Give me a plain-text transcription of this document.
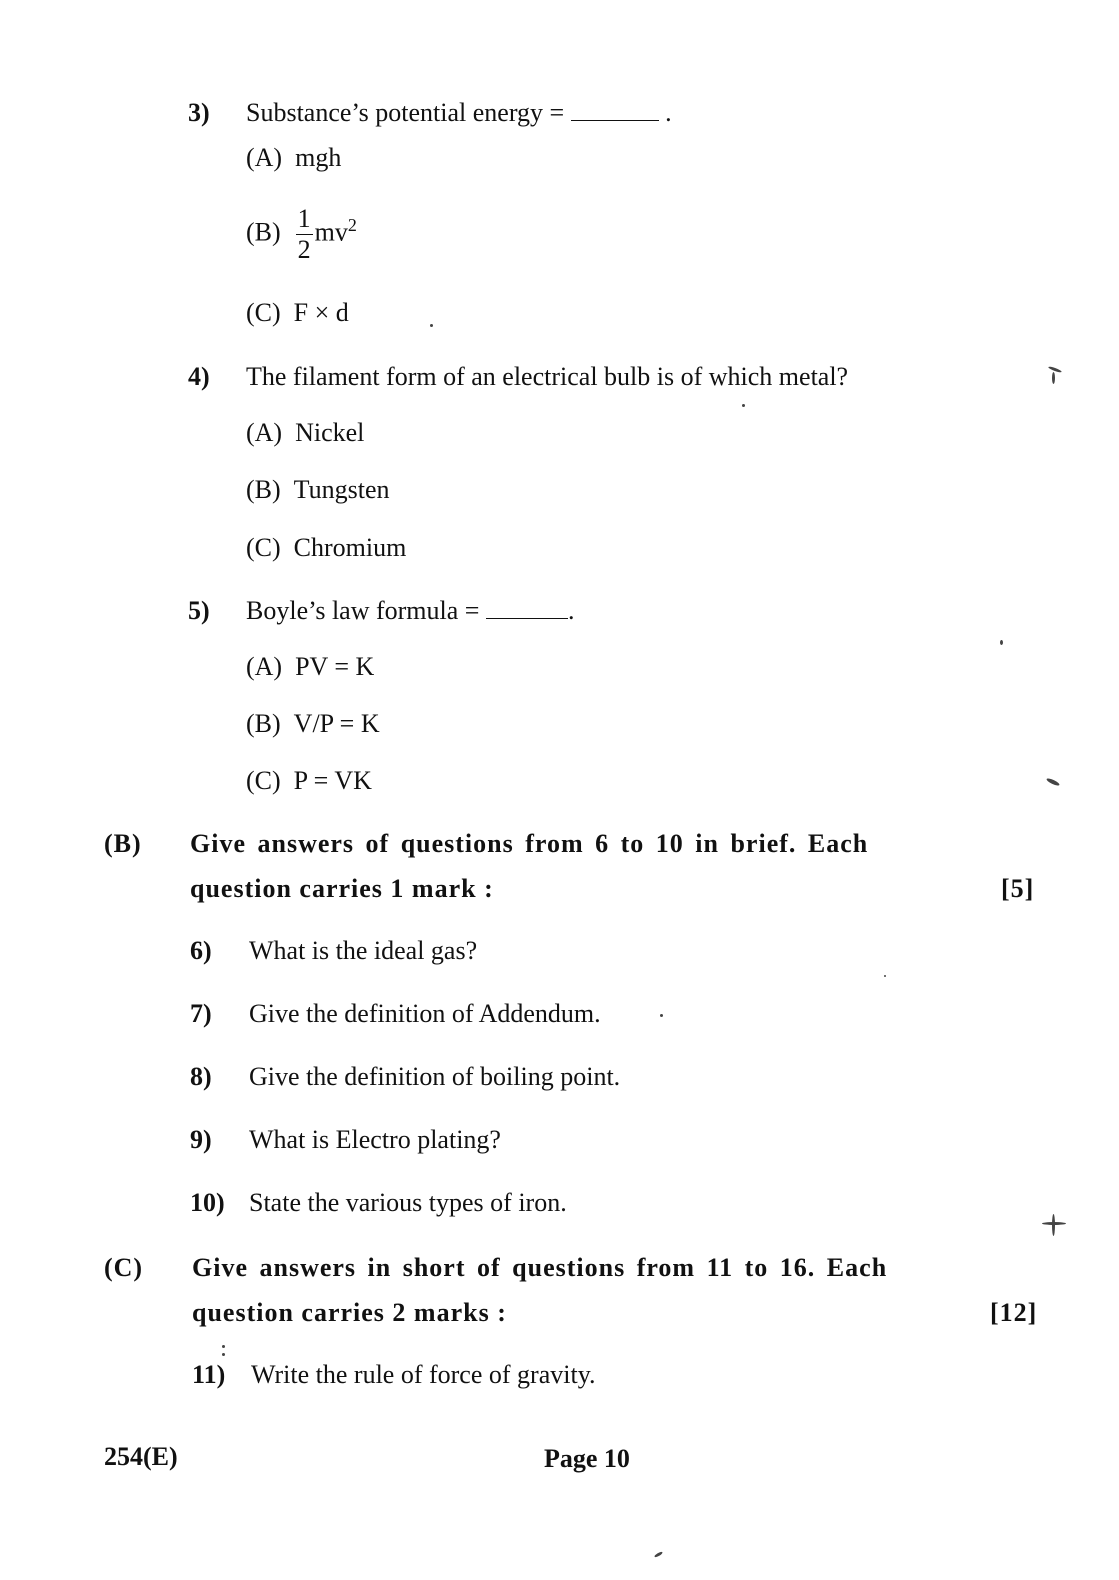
3) Substance’s potential energy =	.
(A) mgh
$(B) \frac{1}{2} mv^2$
(C) F × d
4) The filament form of an electrical bulb is of which metal?
(A) Nickel
(B) Tungsten
(C) Chromium
5) Boyle’s law formula =	.
(A) PV = K
(B) V/P = K
(C) P = VK
(B) Give answers of questions from 6 to 10 in brief. Each
question carries 1 mark :	[5]
6) What is the ideal gas?
7) Give the definition of Addendum.
8) Give the definition of boiling point.
9) What is Electro plating?
10) State the various types of iron.
(C) Give answers in short of questions from 11 to 16. Each
question carries 2 marks :	[12]
11) Write the rule of force of gravity.
254(E)	Page 10
